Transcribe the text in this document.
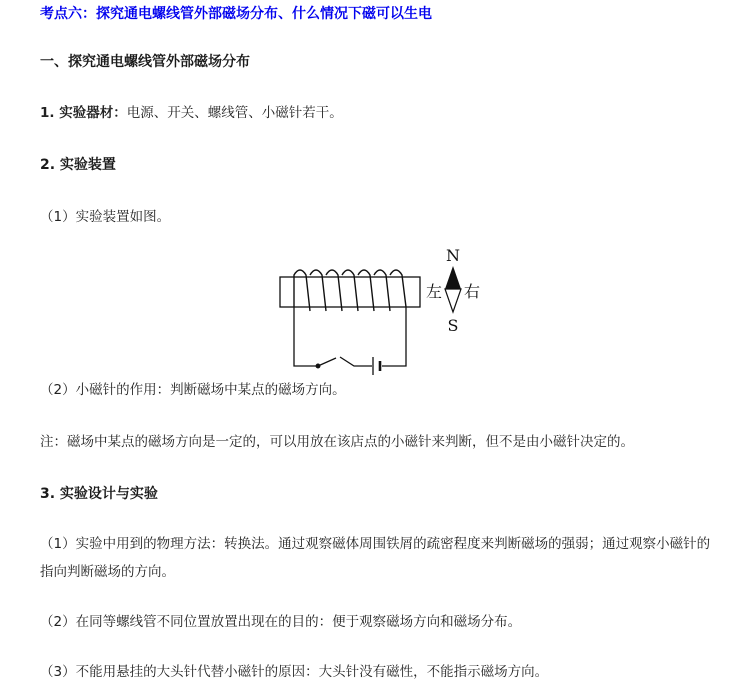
考点六：探究通电螺线管外部磁场分布、什么情况下磁可以生电
一、探究通电螺线管外部磁场分布
1. 实验器材：电源、开关、螺线管、小磁针若干。
2. 实验装置
（1）实验装置如图。
N
S
左 右
（2）小磁针的作用：判断磁场中某点的磁场方向。
注：磁场中某点的磁场方向是一定的，可以用放在该店点的小磁针来判断，但不是由小磁针决定的。
3. 实验设计与实验
（1）实验中用到的物理方法：转换法。通过观察磁体周围铁屑的疏密程度来判断磁场的强弱；通过观察小磁针的指向判断磁场的方向。
（2）在同等螺线管不同位置放置出现在的目的：便于观察磁场方向和磁场分布。
（3）不能用悬挂的大头针代替小磁针的原因：大头针没有磁性，不能指示磁场方向。
